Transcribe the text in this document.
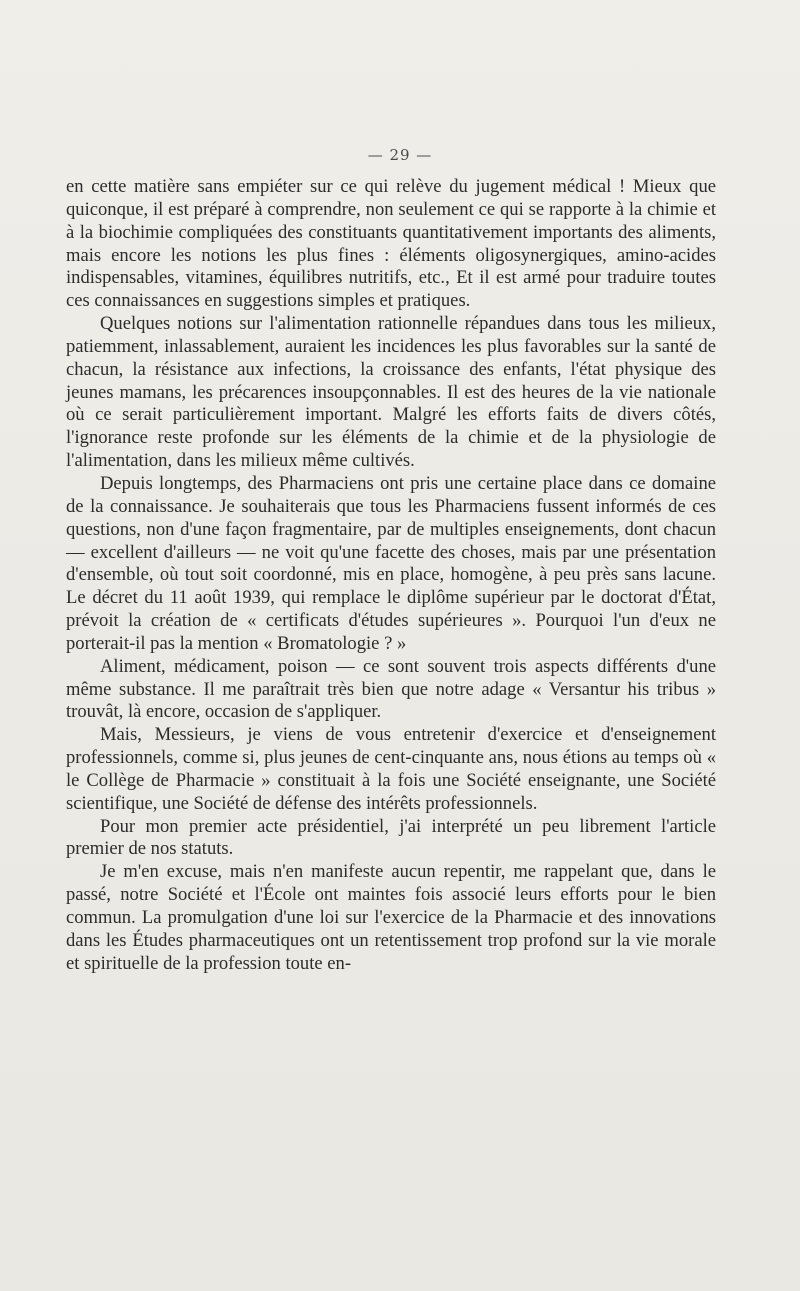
— 29 —

en cette matière sans empiéter sur ce qui relève du jugement médical ! Mieux que quiconque, il est préparé à comprendre, non seulement ce qui se rapporte à la chimie et à la biochimie compliquées des constituants quantitativement importants des aliments, mais encore les notions les plus fines : éléments oligosynergiques, amino-acides indispensables, vitamines, équilibres nutritifs, etc., Et il est armé pour traduire toutes ces connaissances en suggestions simples et pratiques.

Quelques notions sur l'alimentation rationnelle répandues dans tous les milieux, patiemment, inlassablement, auraient les incidences les plus favorables sur la santé de chacun, la résistance aux infections, la croissance des enfants, l'état physique des jeunes mamans, les précarences insoupçonnables. Il est des heures de la vie nationale où ce serait particulièrement important. Malgré les efforts faits de divers côtés, l'ignorance reste profonde sur les éléments de la chimie et de la physiologie de l'alimentation, dans les milieux même cultivés.

Depuis longtemps, des Pharmaciens ont pris une certaine place dans ce domaine de la connaissance. Je souhaiterais que tous les Pharmaciens fussent informés de ces questions, non d'une façon fragmentaire, par de multiples enseignements, dont chacun — excellent d'ailleurs — ne voit qu'une facette des choses, mais par une présentation d'ensemble, où tout soit coordonné, mis en place, homogène, à peu près sans lacune. Le décret du 11 août 1939, qui remplace le diplôme supérieur par le doctorat d'État, prévoit la création de « certificats d'études supérieures ». Pourquoi l'un d'eux ne porterait-il pas la mention « Bromatologie ? »

Aliment, médicament, poison — ce sont souvent trois aspects différents d'une même substance. Il me paraîtrait très bien que notre adage « Versantur his tribus » trouvât, là encore, occasion de s'appliquer.

Mais, Messieurs, je viens de vous entretenir d'exercice et d'enseignement professionnels, comme si, plus jeunes de cent-cinquante ans, nous étions au temps où « le Collège de Pharmacie » constituait à la fois une Société enseignante, une Société scientifique, une Société de défense des intérêts professionnels.

Pour mon premier acte présidentiel, j'ai interprété un peu librement l'article premier de nos statuts.

Je m'en excuse, mais n'en manifeste aucun repentir, me rappelant que, dans le passé, notre Société et l'École ont maintes fois associé leurs efforts pour le bien commun. La promulgation d'une loi sur l'exercice de la Pharmacie et des innovations dans les Études pharmaceutiques ont un retentissement trop profond sur la vie morale et spirituelle de la profession toute en-
